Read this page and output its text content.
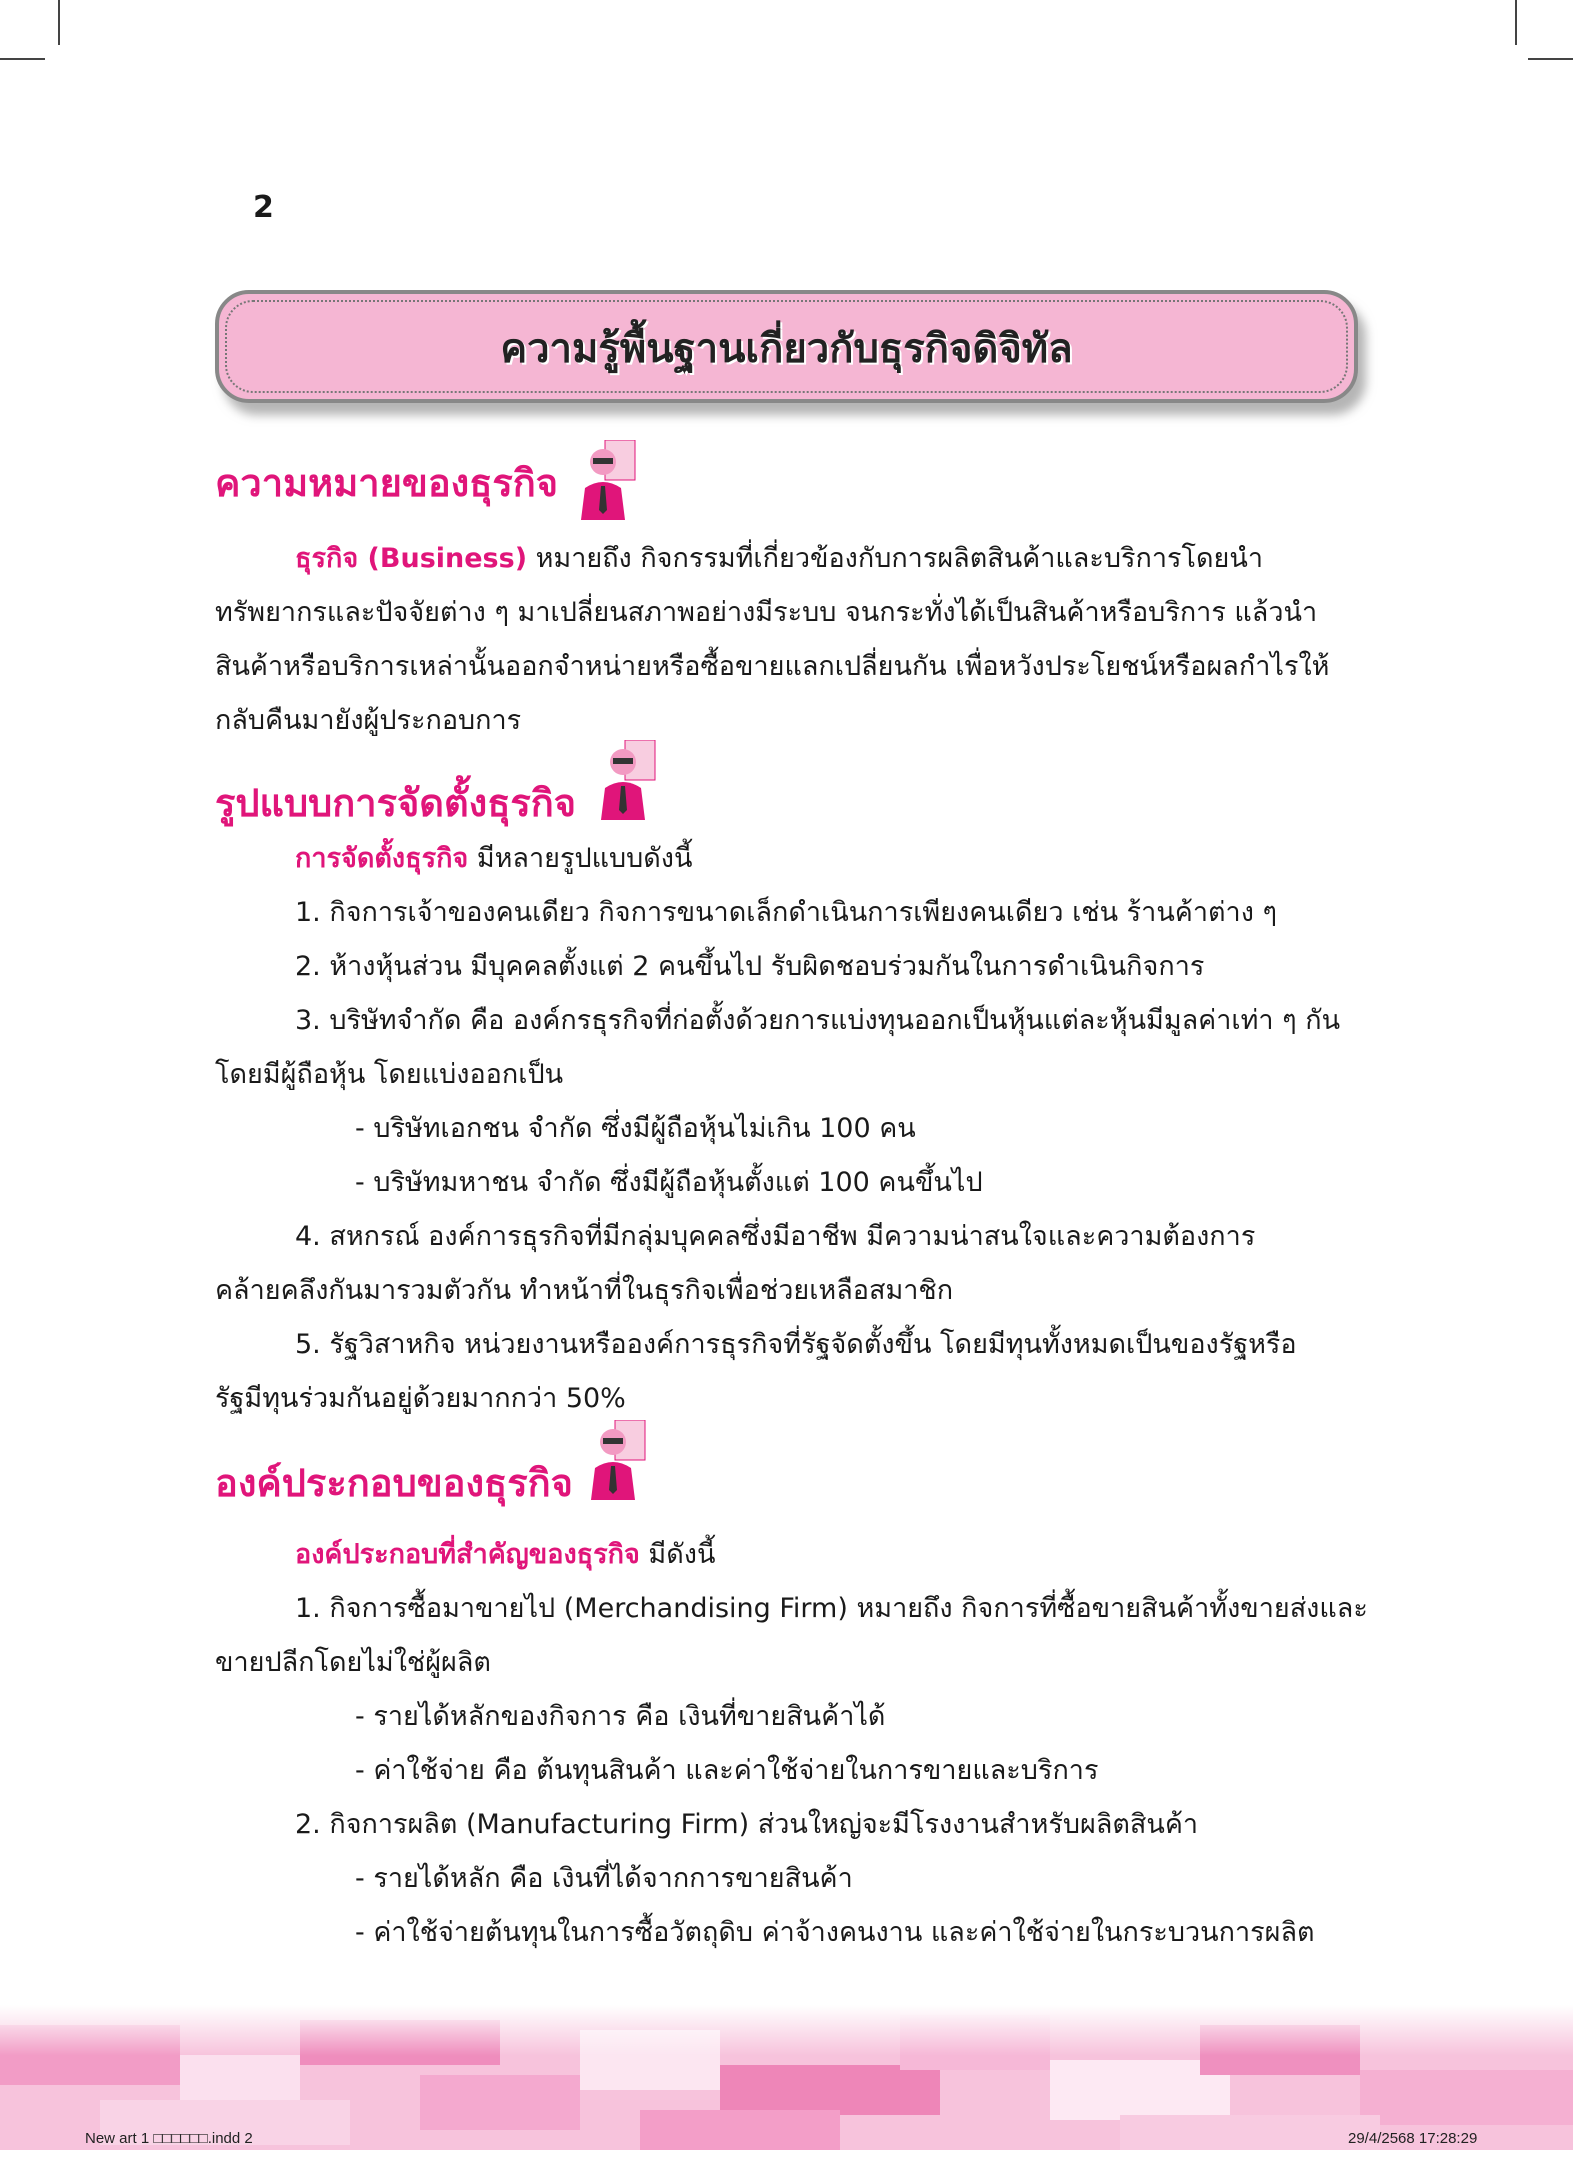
2
ความรู้พื้นฐานเกี่ยวกับธุรกิจดิจิทัล
ความหมายของธุรกิจ
ธุรกิจ (Business) หมายถึง กิจกรรมที่เกี่ยวข้องกับการผลิตสินค้าและบริการโดยนำ
ทรัพยากรและปัจจัยต่าง ๆ มาเปลี่ยนสภาพอย่างมีระบบ จนกระทั่งได้เป็นสินค้าหรือบริการ แล้วนำ
สินค้าหรือบริการเหล่านั้นออกจำหน่ายหรือซื้อขายแลกเปลี่ยนกัน เพื่อหวังประโยชน์หรือผลกำไรให้
กลับคืนมายังผู้ประกอบการ
รูปแบบการจัดตั้งธุรกิจ
การจัดตั้งธุรกิจ มีหลายรูปแบบดังนี้
1. กิจการเจ้าของคนเดียว กิจการขนาดเล็กดำเนินการเพียงคนเดียว เช่น ร้านค้าต่าง ๆ
2. ห้างหุ้นส่วน มีบุคคลตั้งแต่ 2 คนขึ้นไป รับผิดชอบร่วมกันในการดำเนินกิจการ
3. บริษัทจำกัด คือ องค์กรธุรกิจที่ก่อตั้งด้วยการแบ่งทุนออกเป็นหุ้นแต่ละหุ้นมีมูลค่าเท่า ๆ กัน
โดยมีผู้ถือหุ้น โดยแบ่งออกเป็น
- บริษัทเอกชน จำกัด ซึ่งมีผู้ถือหุ้นไม่เกิน 100 คน
- บริษัทมหาชน จำกัด ซึ่งมีผู้ถือหุ้นตั้งแต่ 100 คนขึ้นไป
4. สหกรณ์ องค์การธุรกิจที่มีกลุ่มบุคคลซึ่งมีอาชีพ มีความน่าสนใจและความต้องการ
คล้ายคลึงกันมารวมตัวกัน ทำหน้าที่ในธุรกิจเพื่อช่วยเหลือสมาชิก
5. รัฐวิสาหกิจ หน่วยงานหรือองค์การธุรกิจที่รัฐจัดตั้งขึ้น โดยมีทุนทั้งหมดเป็นของรัฐหรือ
รัฐมีทุนร่วมกันอยู่ด้วยมากกว่า 50%
องค์ประกอบของธุรกิจ
องค์ประกอบที่สำคัญของธุรกิจ มีดังนี้
1. กิจการซื้อมาขายไป (Merchandising Firm) หมายถึง กิจการที่ซื้อขายสินค้าทั้งขายส่งและ
ขายปลีกโดยไม่ใช่ผู้ผลิต
- รายได้หลักของกิจการ คือ เงินที่ขายสินค้าได้
- ค่าใช้จ่าย คือ ต้นทุนสินค้า และค่าใช้จ่ายในการขายและบริการ
2. กิจการผลิต (Manufacturing Firm) ส่วนใหญ่จะมีโรงงานสำหรับผลิตสินค้า
- รายได้หลัก คือ เงินที่ได้จากการขายสินค้า
- ค่าใช้จ่ายต้นทุนในการซื้อวัตถุดิบ ค่าจ้างคนงาน และค่าใช้จ่ายในกระบวนการผลิต
New art 1 □□□□□□.indd 2	29/4/2568 17:28:29
